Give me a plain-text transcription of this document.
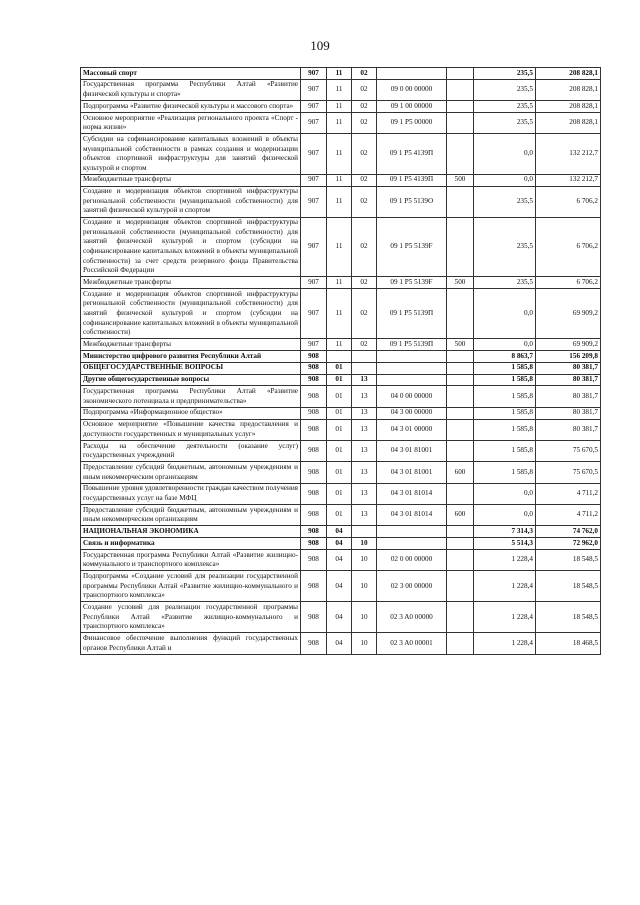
109
Массовый спорт	907	11	02			235,5	208 828,1
Государственная программа Республики Алтай «Развитие физической культуры и спорта»	907	11	02	09 0 00 00000		235,5	208 828,1
Подпрограмма «Развитие физической культуры и массового спорта»	907	11	02	09 1 00 00000		235,5	208 828,1
Основное мероприятие «Реализация регионального проекта «Спорт - норма жизни»	907	11	02	09 1 P5 00000		235,5	208 828,1
Субсидии на софинансирование капитальных вложений в объекты муниципальной собственности в рамках создания и модернизации объектов спортивной инфраструктуры для занятий физической культурой и спортом	907	11	02	09 1 P5 4139П		0,0	132 212,7
Межбюджетные трансферты	907	11	02	09 1 P5 4139П	500	0,0	132 212,7
Создание и модернизация объектов спортивной инфраструктуры региональной собственности (муниципальной собственности) для занятий физической культурой и спортом	907	11	02	09 1 P5 5139О		235,5	6 706,2
Создание и модернизация объектов спортивной инфраструктуры региональной собственности (муниципальной собственности) для занятий физической культурой и спортом (субсидии на софинансирование капитальных вложений в объекты муниципальной собственности) за счет средств резервного фонда Правительства Российской Федерации	907	11	02	09 1 P5 5139F		235,5	6 706,2
Межбюджетные трансферты	907	11	02	09 1 P5 5139F	500	235,5	6 706,2
Создание и модернизация объектов спортивной инфраструктуры региональной собственности (муниципальной собственности) для занятий физической культурой и спортом (субсидии на софинансирование капитальных вложений в объекты муниципальной собственности)	907	11	02	09 1 P5 5139П		0,0	69 909,2
Межбюджетные трансферты	907	11	02	09 1 P5 5139П	500	0,0	69 909,2
Министерство цифрового развития Республики Алтай	908					8 863,7	156 209,8
ОБЩЕГОСУДАРСТВЕННЫЕ ВОПРОСЫ	908	01				1 585,8	80 381,7
Другие общегосударственные вопросы	908	01	13			1 585,8	80 381,7
Государственная программа Республики Алтай «Развитие экономического потенциала и предпринимательства»	908	01	13	04 0 00 00000		1 585,8	80 381,7
Подпрограмма «Информационное общество»	908	01	13	04 3 00 00000		1 585,8	80 381,7
Основное мероприятие «Повышение качества предоставления и доступности государственных и муниципальных услуг»	908	01	13	04 3 01 00000		1 585,8	80 381,7
Расходы на обеспечение деятельности (оказание услуг) государственных учреждений	908	01	13	04 3 01 81001		1 585,8	75 670,5
Предоставление субсидий бюджетным, автономным учреждениям и иным некоммерческим организациям	908	01	13	04 3 01 81001	600	1 585,8	75 670,5
Повышение уровня удовлетворенности граждан качеством получения государственных услуг на базе МФЦ	908	01	13	04 3 01 81014		0,0	4 711,2
Предоставление субсидий бюджетным, автономным учреждениям и иным некоммерческим организациям	908	01	13	04 3 01 81014	600	0,0	4 711,2
НАЦИОНАЛЬНАЯ ЭКОНОМИКА	908	04				7 314,3	74 762,0
Связь и информатика	908	04	10			5 514,3	72 962,0
Государственная программа Республики Алтай «Развитие жилищно-коммунального и транспортного комплекса»	908	04	10	02 0 00 00000		1 228,4	18 548,5
Подпрограмма «Создание условий для реализации государственной программы Республики Алтай «Развитие жилищно-коммунального и транспортного комплекса»	908	04	10	02 3 00 00000		1 228,4	18 548,5
Создание условий для реализации государственной программы Республики Алтай «Развитие жилищно-коммунального и транспортного комплекса»	908	04	10	02 3 A0 00000		1 228,4	18 548,5
Финансовое обеспечение выполнения функций государственных органов Республики Алтай и	908	04	10	02 3 A0 00001		1 228,4	18 468,5
